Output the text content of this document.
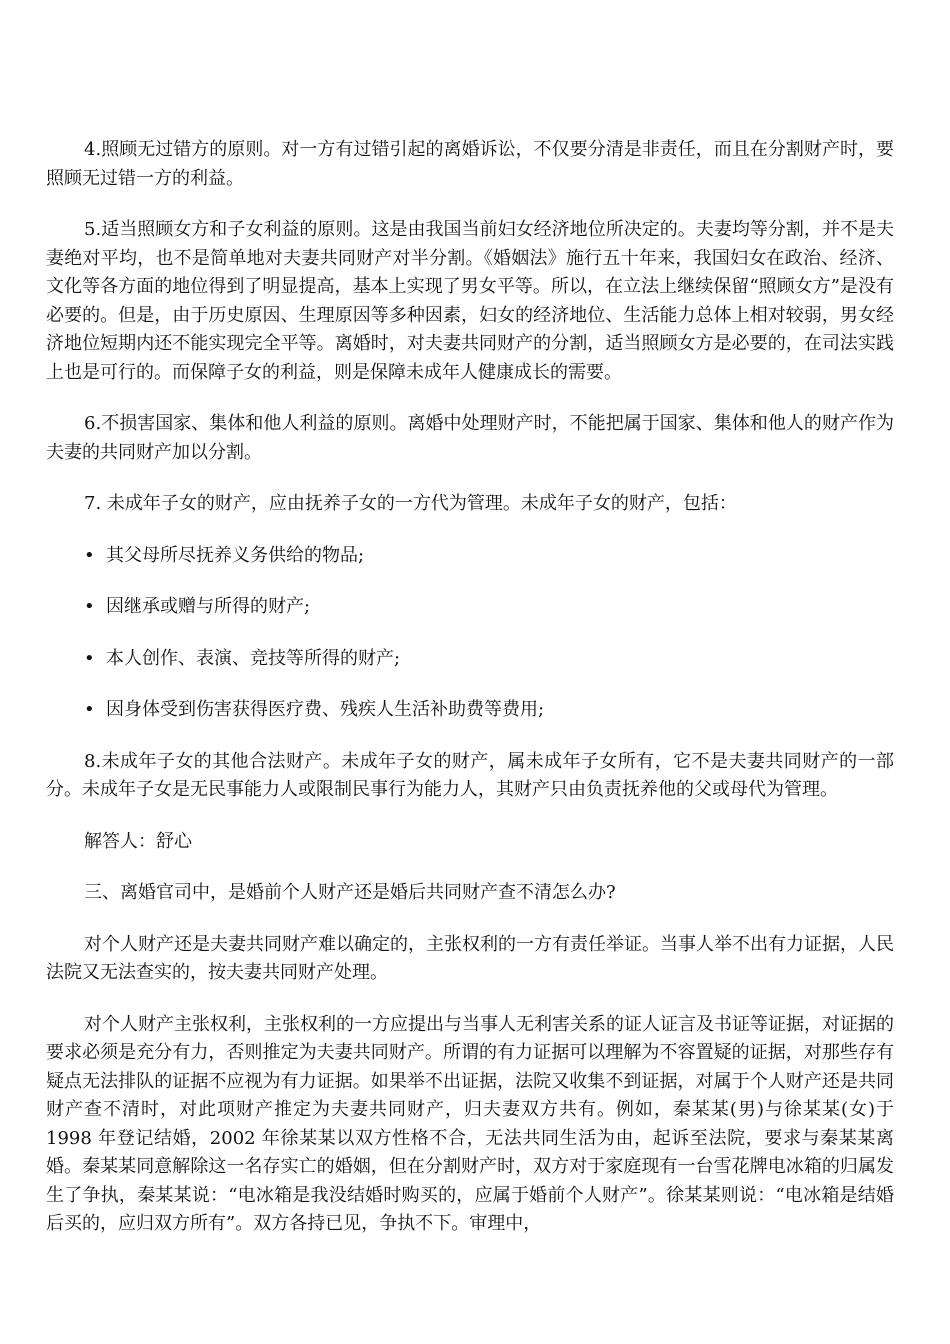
4.照顾无过错方的原则。对一方有过错引起的离婚诉讼，不仅要分清是非责任，而且在分割财产时，要照顾无过错一方的利益。

5.适当照顾女方和子女利益的原则。这是由我国当前妇女经济地位所决定的。夫妻均等分割，并不是夫妻绝对平均，也不是简单地对夫妻共同财产对半分割。《婚姻法》施行五十年来，我国妇女在政治、经济、文化等各方面的地位得到了明显提高，基本上实现了男女平等。所以，在立法上继续保留“照顾女方”是没有必要的。但是，由于历史原因、生理原因等多种因素，妇女的经济地位、生活能力总体上相对较弱，男女经济地位短期内还不能实现完全平等。离婚时，对夫妻共同财产的分割，适当照顾女方是必要的，在司法实践上也是可行的。而保障子女的利益，则是保障未成年人健康成长的需要。

6.不损害国家、集体和他人利益的原则。离婚中处理财产时，不能把属于国家、集体和他人的财产作为夫妻的共同财产加以分割。

7. 未成年子女的财产，应由抚养子女的一方代为管理。未成年子女的财产，包括：

• 其父母所尽抚养义务供给的物品;
• 因继承或赠与所得的财产;
• 本人创作、表演、竞技等所得的财产;
• 因身体受到伤害获得医疗费、残疾人生活补助费等费用;

8.未成年子女的其他合法财产。未成年子女的财产，属未成年子女所有，它不是夫妻共同财产的一部分。未成年子女是无民事能力人或限制民事行为能力人，其财产只由负责抚养他的父或母代为管理。

解答人：舒心

三、离婚官司中，是婚前个人财产还是婚后共同财产查不清怎么办?

对个人财产还是夫妻共同财产难以确定的，主张权利的一方有责任举证。当事人举不出有力证据，人民法院又无法查实的，按夫妻共同财产处理。

对个人财产主张权利，主张权利的一方应提出与当事人无利害关系的证人证言及书证等证据，对证据的要求必须是充分有力，否则推定为夫妻共同财产。所谓的有力证据可以理解为不容置疑的证据，对那些存有疑点无法排队的证据不应视为有力证据。如果举不出证据，法院又收集不到证据，对属于个人财产还是共同财产查不清时，对此项财产推定为夫妻共同财产，归夫妻双方共有。例如，秦某某(男)与徐某某(女)于 1998 年登记结婚，2002 年徐某某以双方性格不合，无法共同生活为由，起诉至法院，要求与秦某某离婚。秦某某同意解除这一名存实亡的婚姻，但在分割财产时，双方对于家庭现有一台雪花牌电冰箱的归属发生了争执，秦某某说：“电冰箱是我没结婚时购买的，应属于婚前个人财产”。徐某某则说：“电冰箱是结婚后买的，应归双方所有”。双方各持已见，争执不下。审理中，
